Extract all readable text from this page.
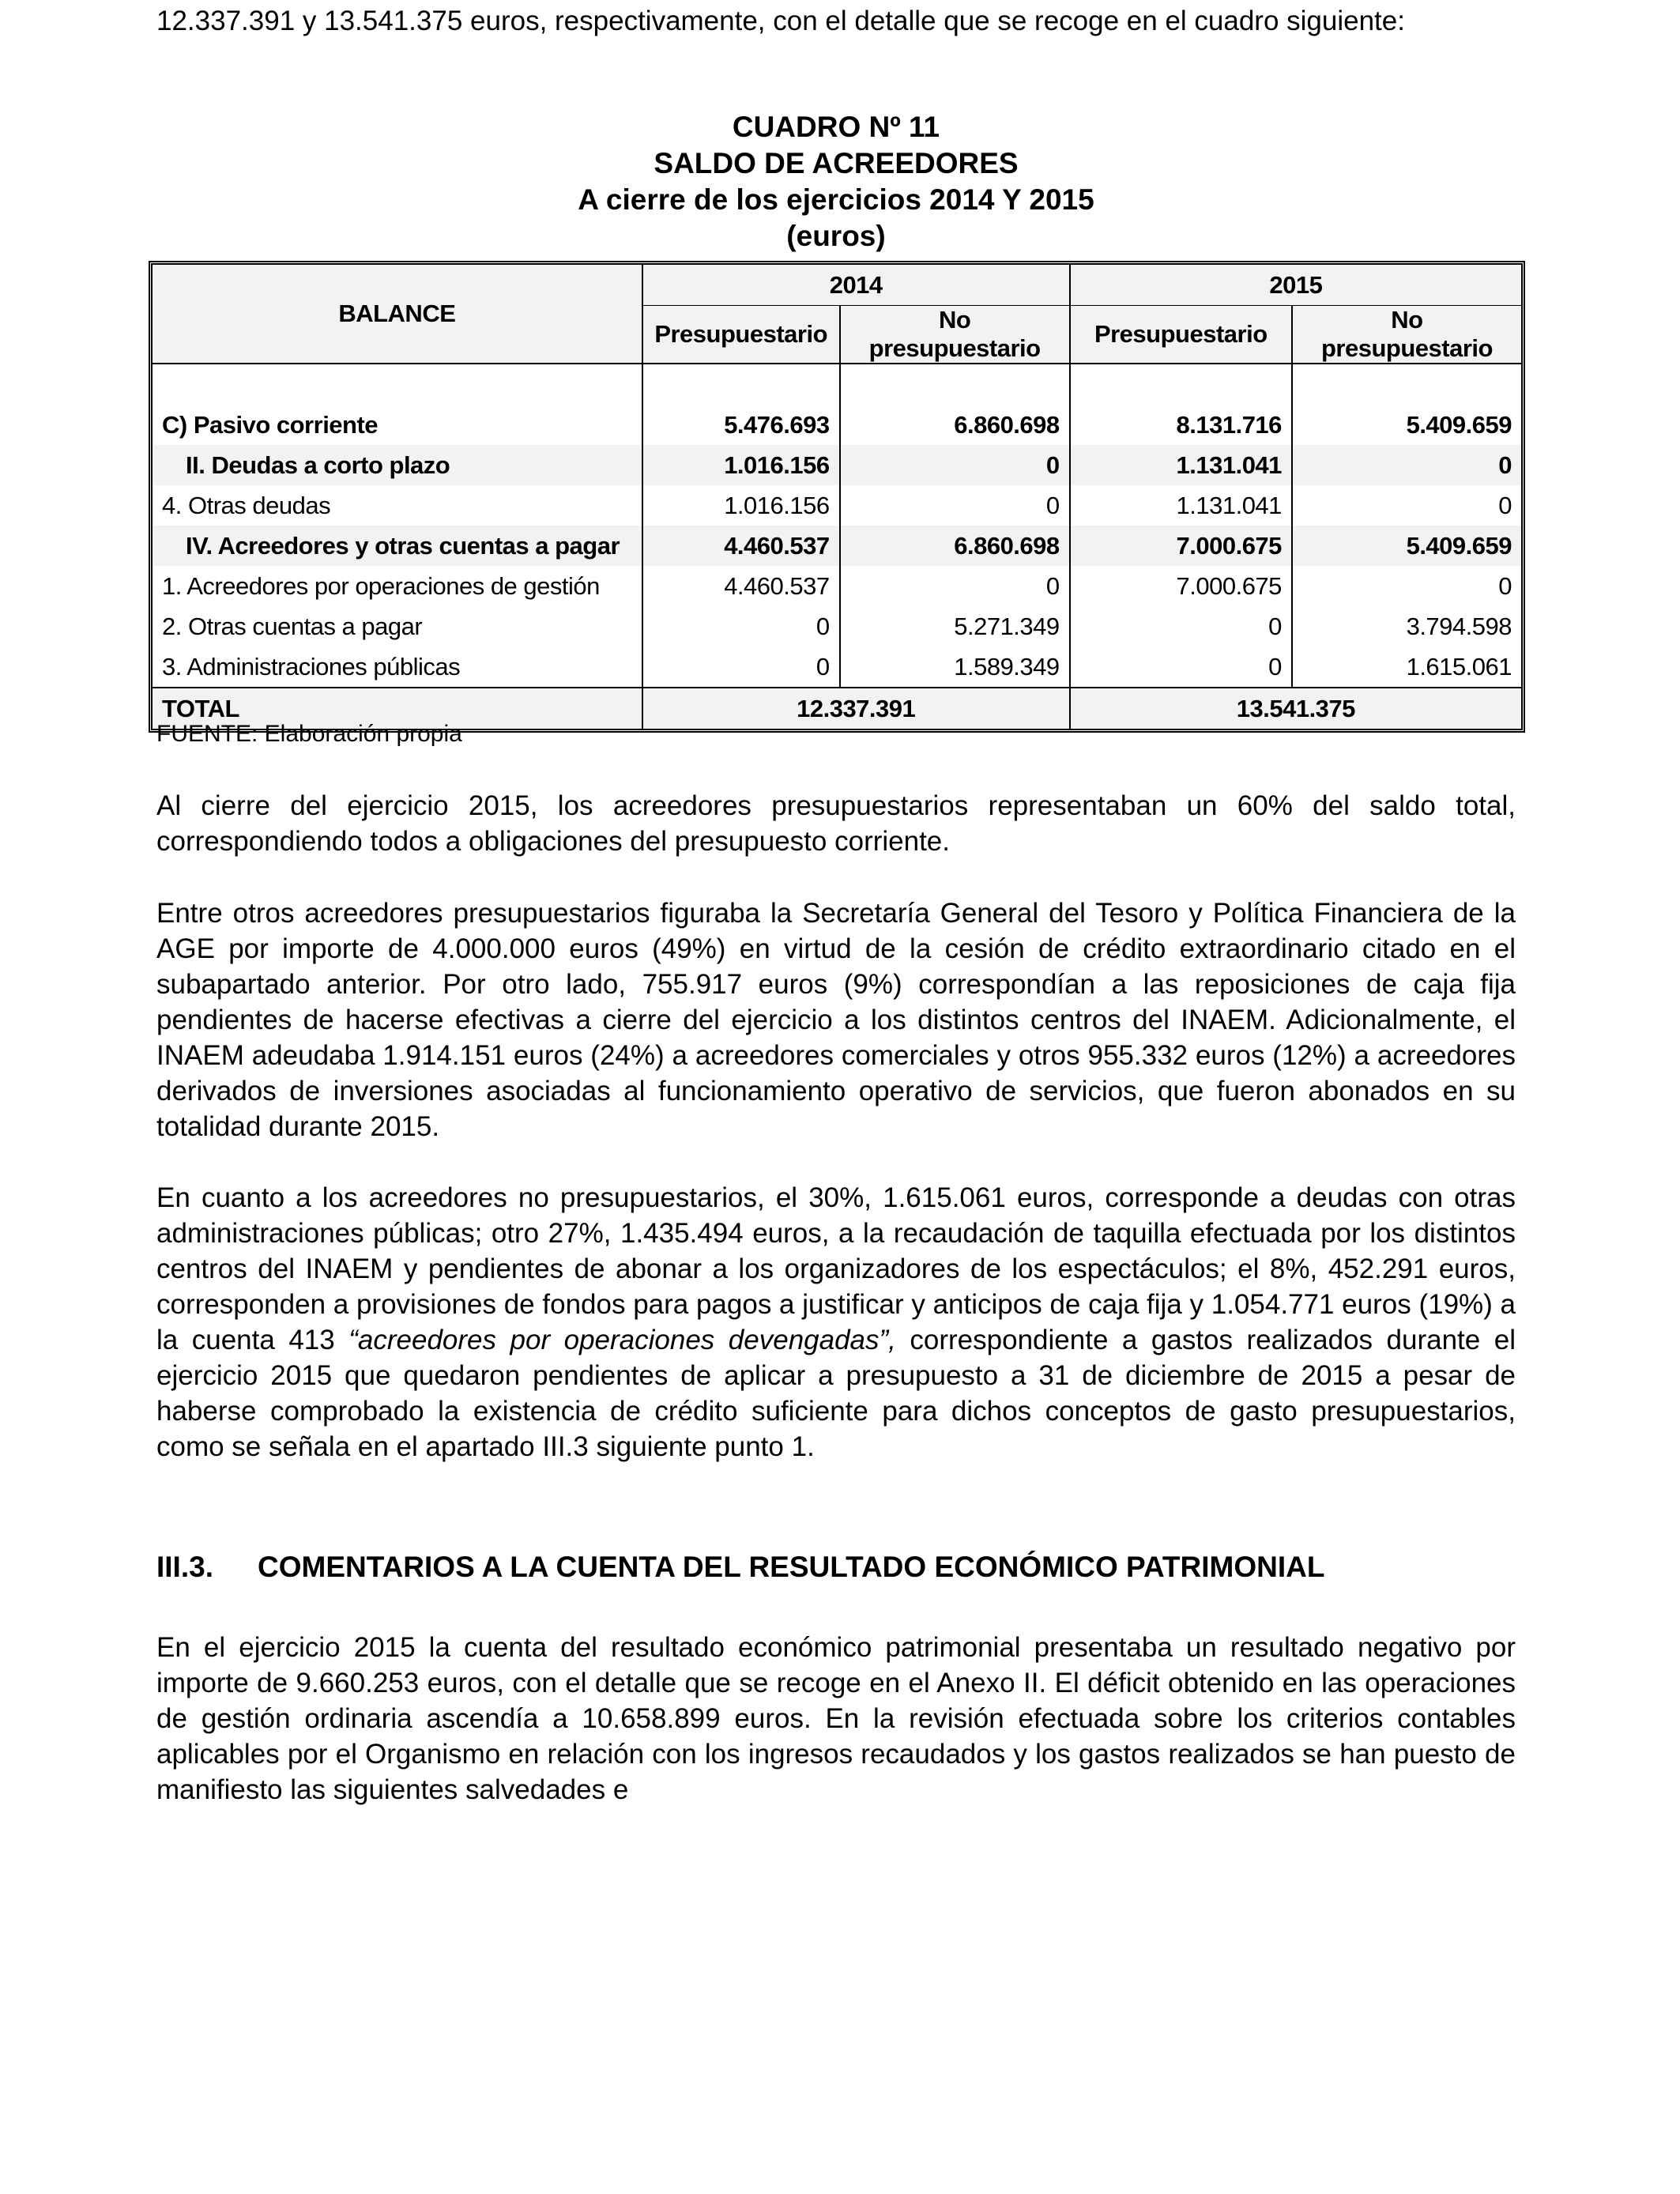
12.337.391 y 13.541.375 euros, respectivamente, con el detalle que se recoge en el cuadro siguiente:

CUADRO Nº 11
SALDO DE ACREEDORES
A cierre de los ejercicios 2014 Y 2015
(euros)
BALANCE	2014		2015	
	Presupuestario	No presupuestario	Presupuestario	No presupuestario

C) Pasivo corriente	5.476.693	6.860.698	8.131.716	5.409.659
II. Deudas a corto plazo	1.016.156	0	1.131.041	0
4. Otras deudas	1.016.156	0	1.131.041	0
IV. Acreedores y otras cuentas a pagar	4.460.537	6.860.698	7.000.675	5.409.659
1. Acreedores por operaciones de gestión	4.460.537	0	7.000.675	0
2. Otras cuentas a pagar	0	5.271.349	0	3.794.598
3. Administraciones públicas	0	1.589.349	0	1.615.061
TOTAL	12.337.391		13.541.375	
FUENTE: Elaboración propia

Al cierre del ejercicio 2015, los acreedores presupuestarios representaban un 60% del saldo total, correspondiendo todos a obligaciones del presupuesto corriente.

Entre otros acreedores presupuestarios figuraba la Secretaría General del Tesoro y Política Financiera de la AGE por importe de 4.000.000 euros (49%) en virtud de la cesión de crédito extraordinario citado en el subapartado anterior. Por otro lado, 755.917 euros (9%) correspondían a las reposiciones de caja fija pendientes de hacerse efectivas a cierre del ejercicio a los distintos centros del INAEM. Adicionalmente, el INAEM adeudaba 1.914.151 euros (24%) a acreedores comerciales y otros 955.332 euros (12%) a acreedores derivados de inversiones asociadas al funcionamiento operativo de servicios, que fueron abonados en su totalidad durante 2015.

En cuanto a los acreedores no presupuestarios, el 30%, 1.615.061 euros, corresponde a deudas con otras administraciones públicas; otro 27%, 1.435.494 euros, a la recaudación de taquilla efectuada por los distintos centros del INAEM y pendientes de abonar a los organizadores de los espectáculos; el 8%, 452.291 euros, corresponden a provisiones de fondos para pagos a justificar y anticipos de caja fija y 1.054.771 euros (19%) a la cuenta 413 “acreedores por operaciones devengadas”, correspondiente a gastos realizados durante el ejercicio 2015 que quedaron pendientes de aplicar a presupuesto a 31 de diciembre de 2015 a pesar de haberse comprobado la existencia de crédito suficiente para dichos conceptos de gasto presupuestarios, como se señala en el apartado III.3 siguiente punto 1.

III.3. COMENTARIOS A LA CUENTA DEL RESULTADO ECONÓMICO PATRIMONIAL

En el ejercicio 2015 la cuenta del resultado económico patrimonial presentaba un resultado negativo por importe de 9.660.253 euros, con el detalle que se recoge en el Anexo II. El déficit obtenido en las operaciones de gestión ordinaria ascendía a 10.658.899 euros. En la revisión efectuada sobre los criterios contables aplicables por el Organismo en relación con los ingresos recaudados y los gastos realizados se han puesto de manifiesto las siguientes salvedades e
